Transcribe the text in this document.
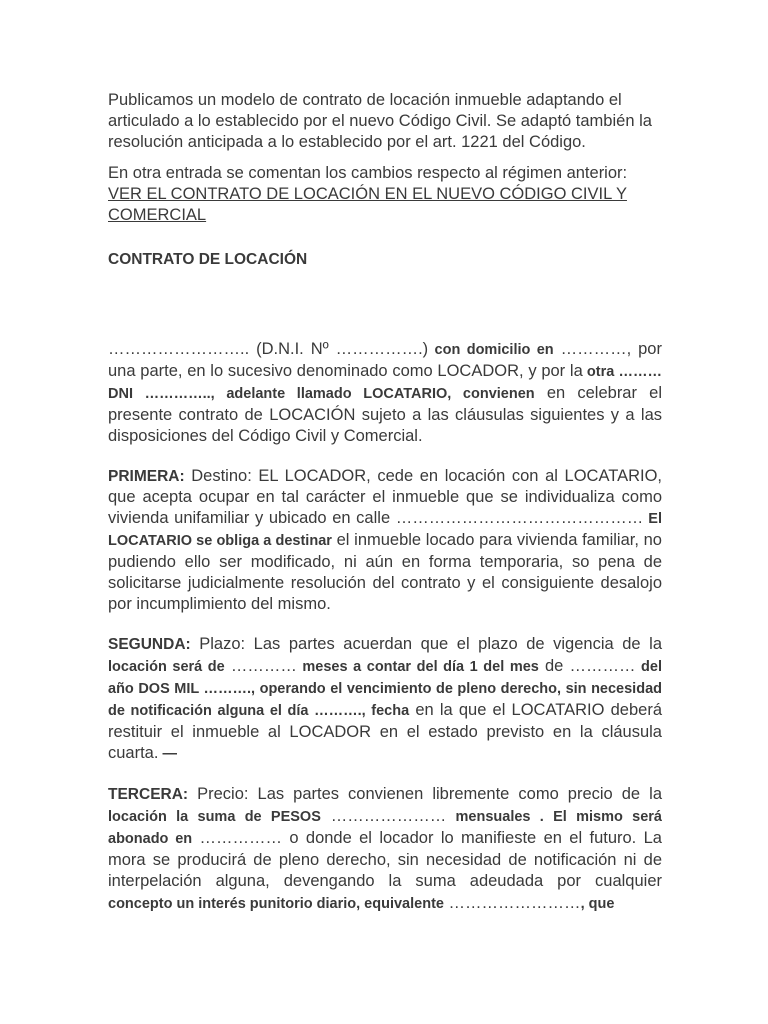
Publicamos un modelo de contrato de locación inmueble adaptando el articulado a lo establecido por el nuevo Código Civil. Se adaptó también la resolución anticipada a lo establecido por el art. 1221 del Código.

En otra entrada se comentan los cambios respecto al régimen anterior: VER EL CONTRATO DE LOCACIÓN EN EL NUEVO CÓDIGO CIVIL Y COMERCIAL

CONTRATO DE LOCACIÓN

…………………….. (D.N.I. Nº …………….) con domicilio en …………, por una parte, en lo sucesivo denominado como LOCADOR, y por la otra ……… DNI ………….., adelante llamado LOCATARIO, convienen en celebrar el presente contrato de LOCACIÓN sujeto a las cláusulas siguientes y a las disposiciones del Código Civil y Comercial.

PRIMERA: Destino: EL LOCADOR, cede en locación con al LOCATARIO, que acepta ocupar en tal carácter el inmueble que se individualiza como vivienda unifamiliar y ubicado en calle ……………………………………… El LOCATARIO se obliga a destinar el inmueble locado para vivienda familiar, no pudiendo ello ser modificado, ni aún en forma temporaria, so pena de solicitarse judicialmente resolución del contrato y el consiguiente desalojo por incumplimiento del mismo.

SEGUNDA: Plazo: Las partes acuerdan que el plazo de vigencia de la locación será de ………… meses a contar del día 1 del mes de ………… del año DOS MIL ………., operando el vencimiento de pleno derecho, sin necesidad de notificación alguna el día ………., fecha en la que el LOCATARIO deberá restituir el inmueble al LOCADOR en el estado previsto en la cláusula cuarta. —

TERCERA: Precio: Las partes convienen libremente como precio de la locación la suma de PESOS ………………… mensuales . El mismo será abonado en …………… o donde el locador lo manifieste en el futuro. La mora se producirá de pleno derecho, sin necesidad de notificación ni de interpelación alguna, devengando la suma adeudada por cualquier concepto un interés punitorio diario, equivalente ……………………, que
